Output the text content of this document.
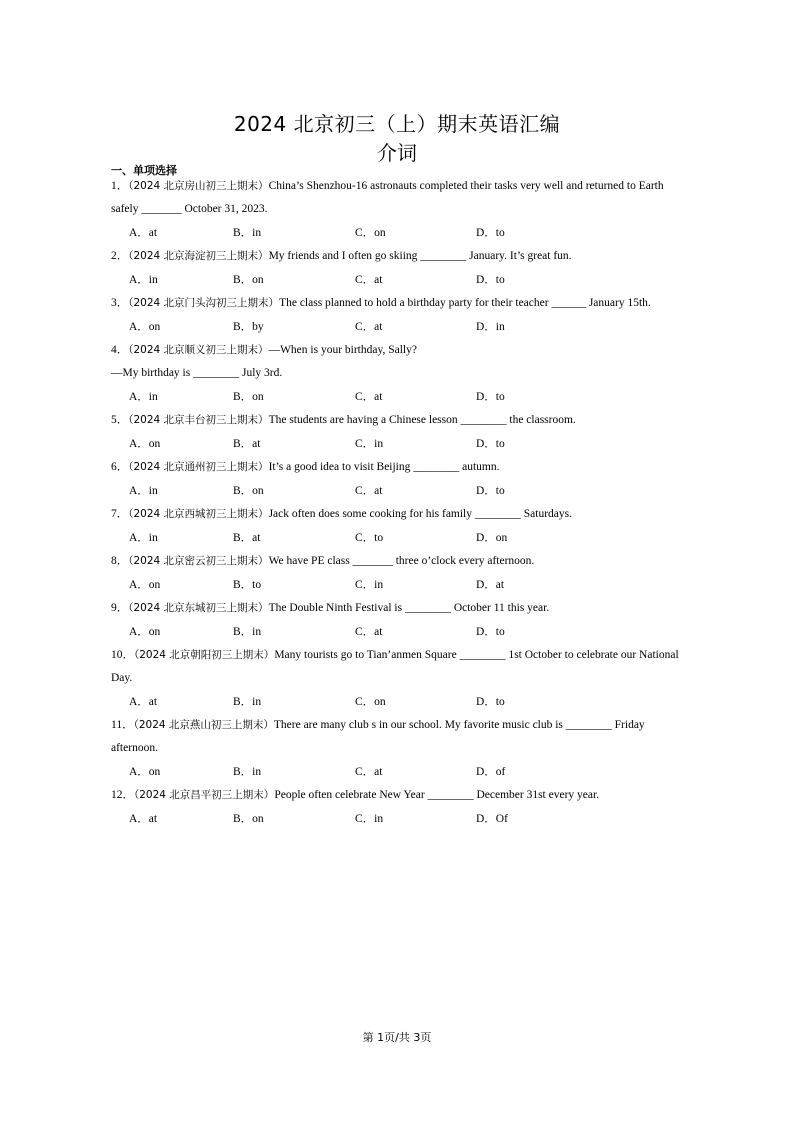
2024 北京初三（上）期末英语汇编
介词
一、单项选择

1．（2024 北京房山初三上期末）China’s Shenzhou-16 astronauts completed their tasks very well and returned to Earth safely _______ October 31, 2023.

A．at	B．in	C．on	D．to

2．（2024 北京海淀初三上期末）My friends and I often go skiing ________ January. It’s great fun.

A．in	B．on	C．at	D．to

3．（2024 北京门头沟初三上期末）The class planned to hold a birthday party for their teacher ______ January 15th.

A．on	B．by	C．at	D．in

4．（2024 北京顺义初三上期末）—When is your birthday, Sally?

—My birthday is ________ July 3rd.

A．in	B．on	C．at	D．to

5．（2024 北京丰台初三上期末）The students are having a Chinese lesson ________ the classroom.

A．on	B．at	C．in	D．to

6．（2024 北京通州初三上期末）It’s a good idea to visit Beijing ________ autumn.

A．in	B．on	C．at	D．to

7．（2024 北京西城初三上期末）Jack often does some cooking for his family ________ Saturdays.

A．in	B．at	C．to	D．on

8．（2024 北京密云初三上期末）We have PE class _______ three o’clock every afternoon.

A．on	B．to	C．in	D．at

9．（2024 北京东城初三上期末）The Double Ninth Festival is ________ October 11 this year.

A．on	B．in	C．at	D．to

10．（2024 北京朝阳初三上期末）Many tourists go to Tian’anmen Square ________ 1st October to celebrate our National Day.

A．at	B．in	C．on	D．to

11．（2024 北京燕山初三上期末）There are many club s in our school. My favorite music club is ________ Friday afternoon.

A．on	B．in	C．at	D．of

12．（2024 北京昌平初三上期末）People often celebrate New Year ________ December 31st every year.

A．at	B．on	C．in	D．Of
第 1页/共 3页
